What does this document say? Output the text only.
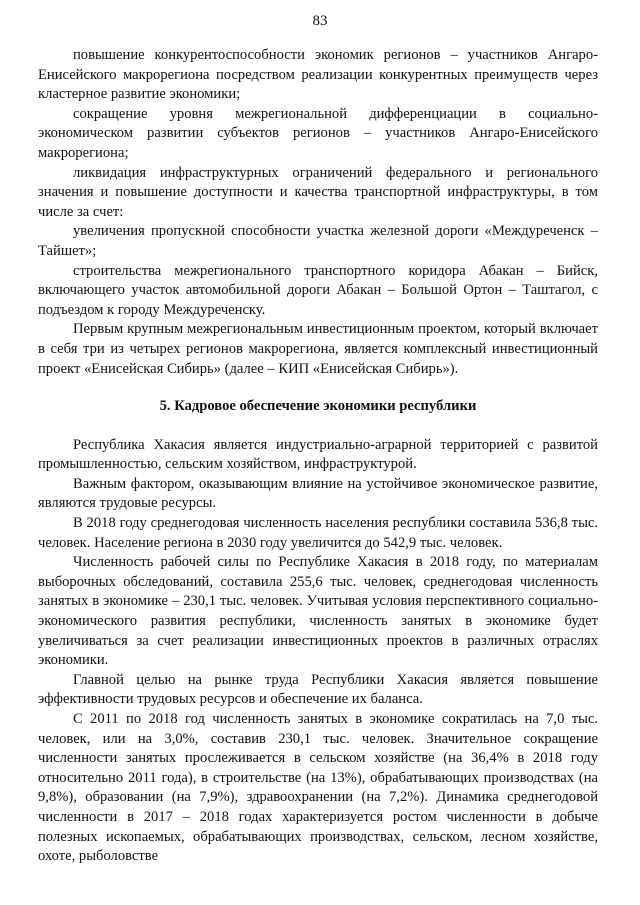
83

повышение конкурентоспособности экономик регионов – участников Ангаро-Енисейского макрорегиона посредством реализации конкурентных преимуществ через кластерное развитие экономики;

сокращение уровня межрегиональной дифференциации в социально-экономическом развитии субъектов регионов – участников Ангаро-Енисейского макрорегиона;

ликвидация инфраструктурных ограничений федерального и регионального значения и повышение доступности и качества транспортной инфраструктуры, в том числе за счет:

увеличения пропускной способности участка железной дороги «Междуреченск – Тайшет»;

строительства межрегионального транспортного коридора Абакан – Бийск, включающего участок автомобильной дороги Абакан – Большой Ортон – Таштагол, с подъездом к городу Междуреченску.

Первым крупным межрегиональным инвестиционным проектом, который включает в себя три из четырех регионов макрорегиона, является комплексный инвестиционный проект «Енисейская Сибирь» (далее – КИП «Енисейская Сибирь»).

5. Кадровое обеспечение экономики республики

Республика Хакасия является индустриально-аграрной территорией с развитой промышленностью, сельским хозяйством, инфраструктурой.

Важным фактором, оказывающим влияние на устойчивое экономическое развитие, являются трудовые ресурсы.

В 2018 году среднегодовая численность населения республики составила 536,8 тыс. человек. Население региона в 2030 году увеличится до 542,9 тыс. человек.

Численность рабочей силы по Республике Хакасия в 2018 году, по материалам выборочных обследований, составила 255,6 тыс. человек, среднегодовая численность занятых в экономике – 230,1 тыс. человек. Учитывая условия перспективного социально-экономического развития республики, численность занятых в экономике будет увеличиваться за счет реализации инвестиционных проектов в различных отраслях экономики.

Главной целью на рынке труда Республики Хакасия является повышение эффективности трудовых ресурсов и обеспечение их баланса.

С 2011 по 2018 год численность занятых в экономике сократилась на 7,0 тыс. человек, или на 3,0%, составив 230,1 тыс. человек. Значительное сокращение численности занятых прослеживается в сельском хозяйстве (на 36,4% в 2018 году относительно 2011 года), в строительстве (на 13%), обрабатывающих производствах (на 9,8%), образовании (на 7,9%), здравоохранении (на 7,2%). Динамика среднегодовой численности в 2017 – 2018 годах характеризуется ростом численности в добыче полезных ископаемых, обрабатывающих производствах, сельском, лесном хозяйстве, охоте, рыболовстве
